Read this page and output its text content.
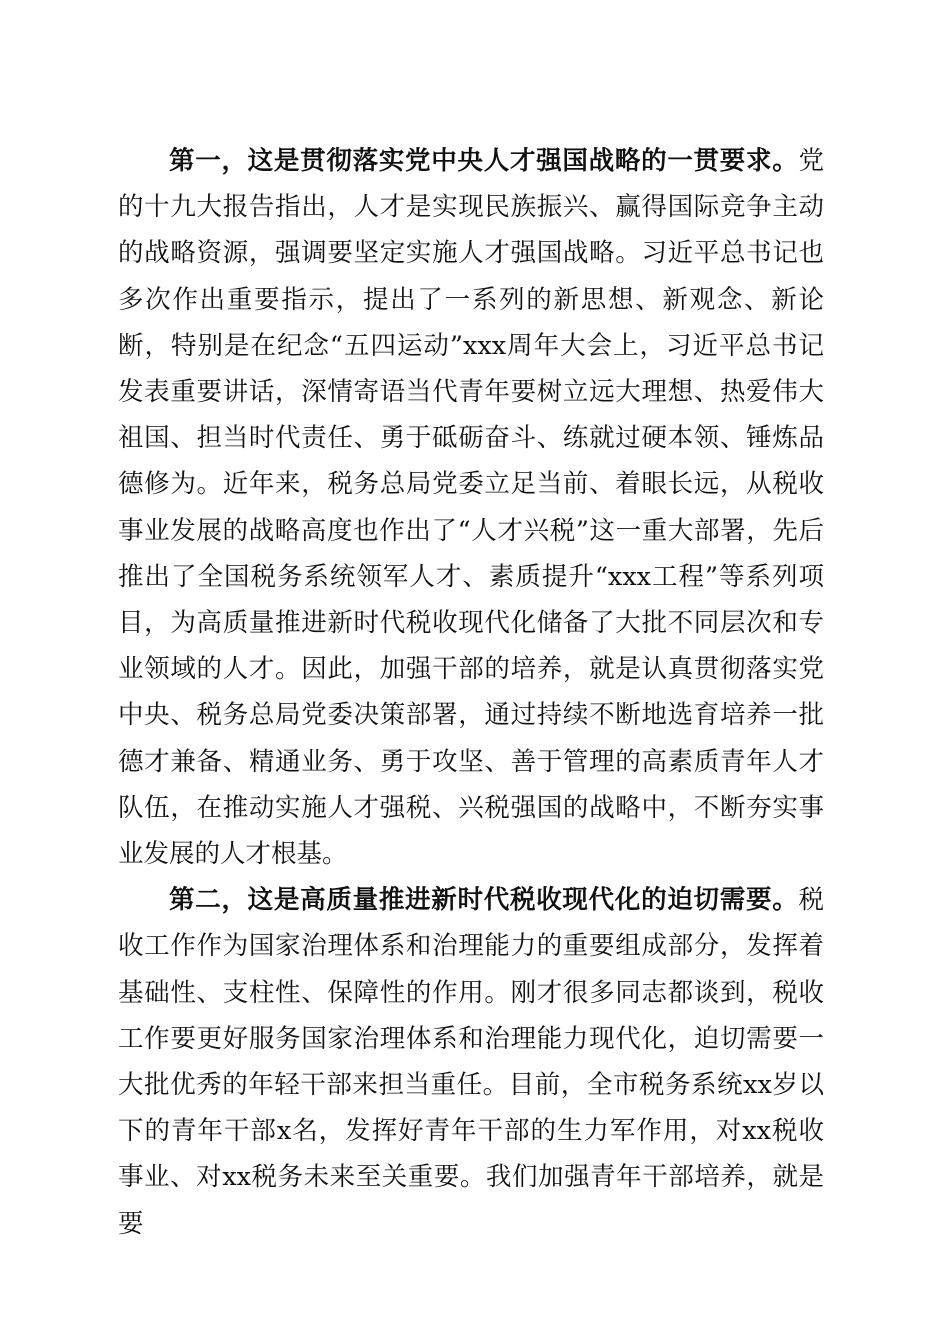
第一，这是贯彻落实党中央人才强国战略的一贯要求。党的十九大报告指出，人才是实现民族振兴、赢得国际竞争主动的战略资源，强调要坚定实施人才强国战略。习近平总书记也多次作出重要指示，提出了一系列的新思想、新观念、新论断，特别是在纪念“五四运动”xxx周年大会上，习近平总书记发表重要讲话，深情寄语当代青年要树立远大理想、热爱伟大祖国、担当时代责任、勇于砥砺奋斗、练就过硬本领、锤炼品德修为。近年来，税务总局党委立足当前、着眼长远，从税收事业发展的战略高度也作出了“人才兴税”这一重大部署，先后推出了全国税务系统领军人才、素质提升“xxx工程”等系列项目，为高质量推进新时代税收现代化储备了大批不同层次和专业领域的人才。因此，加强干部的培养，就是认真贯彻落实党中央、税务总局党委决策部署，通过持续不断地选育培养一批德才兼备、精通业务、勇于攻坚、善于管理的高素质青年人才队伍，在推动实施人才强税、兴税强国的战略中，不断夯实事业发展的人才根基。

第二，这是高质量推进新时代税收现代化的迫切需要。税收工作作为国家治理体系和治理能力的重要组成部分，发挥着基础性、支柱性、保障性的作用。刚才很多同志都谈到，税收工作要更好服务国家治理体系和治理能力现代化，迫切需要一大批优秀的年轻干部来担当重任。目前，全市税务系统xx岁以下的青年干部x名，发挥好青年干部的生力军作用，对xx税收事业、对xx税务未来至关重要。我们加强青年干部培养，就是要
